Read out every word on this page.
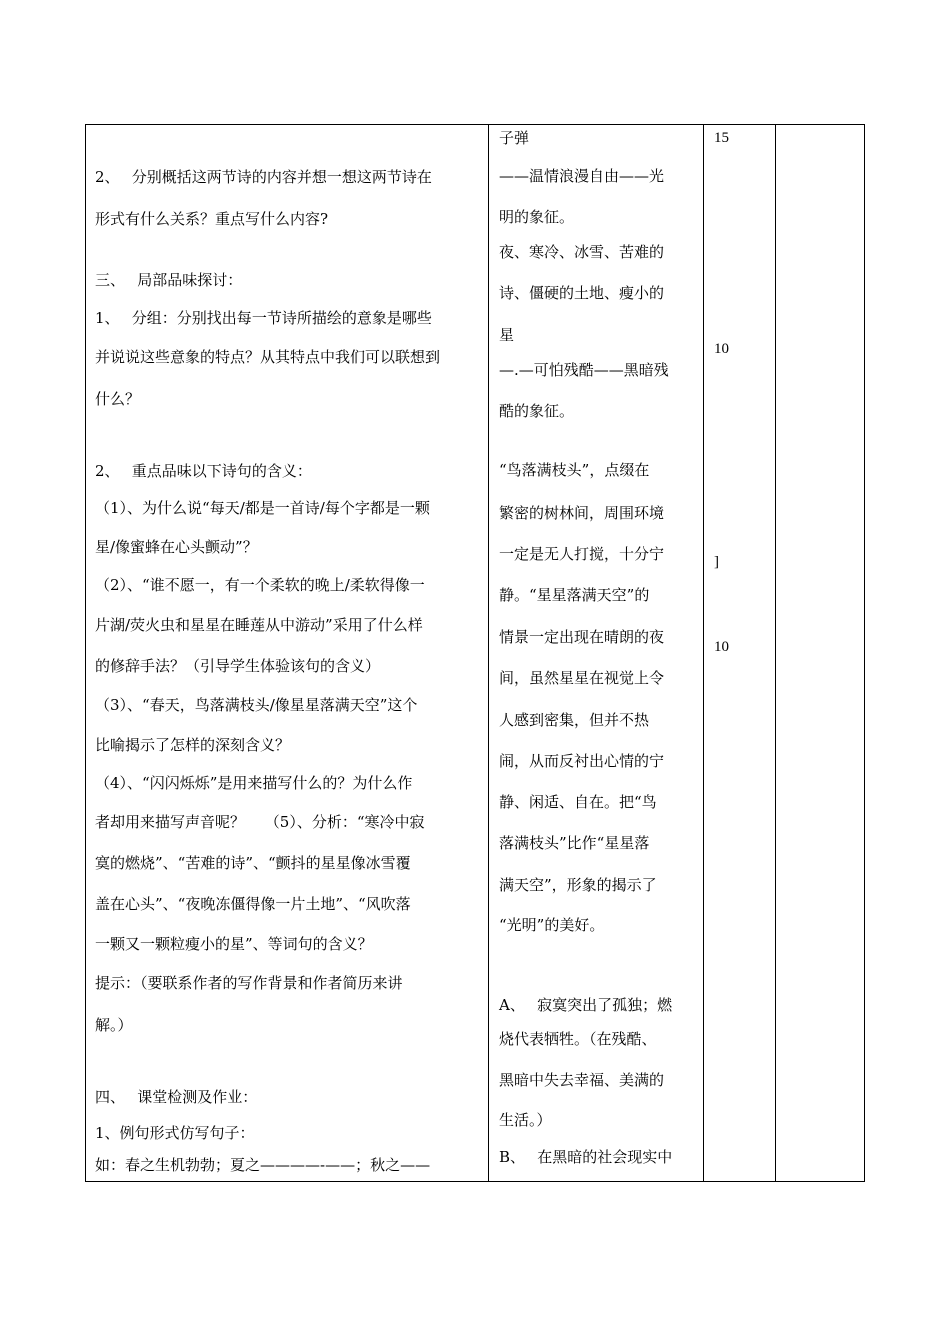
2、　 分别概括这两节诗的内容并想一想这两节诗在
形式有什么关系？重点写什么内容?
三、　 局部品味探讨：
1、　 分组：分别找出每一节诗所描绘的意象是哪些
并说说这些意象的特点？从其特点中我们可以联想到
什么？
2、　 重点品味以下诗句的含义：
（1）、为什么说“每天/都是一首诗/每个字都是一颗
星/像蜜蜂在心头颤动”？
（2）、“谁不愿一，有一个柔软的晚上/柔软得像一
片湖/荧火虫和星星在睡莲从中游动”采用了什么样
的修辞手法？（引导学生体验该句的含义）
（3）、“春天，鸟落满枝头/像星星落满天空”这个
比喻揭示了怎样的深刻含义？
（4）、“闪闪烁烁”是用来描写什么的？为什么作
者却用来描写声音呢？　 （5）、分析：“寒冷中寂
寞的燃烧”、“苦难的诗”、“颤抖的星星像冰雪覆
盖在心头”、“夜晚冻僵得像一片土地”、“风吹落
一颗又一颗粒瘦小的星”、等词句的含义？
提示：（要联系作者的写作背景和作者简历来讲
解。）
四、　 课堂检测及作业：
1、例句形式仿写句子：
如：春之生机勃勃；夏之————-——；秋之——
子弹
——温情浪漫自由——光
明的象征。
夜、寒冷、冰雪、苦难的
诗、僵硬的土地、瘦小的
星
—.—可怕残酷——黑暗残
酷的象征。
“鸟落满枝头”，点缀在
繁密的树林间，周围环境
一定是无人打搅，十分宁
静。“星星落满天空”的
情景一定出现在晴朗的夜
间，虽然星星在视觉上令
人感到密集，但并不热
闹，从而反衬出心情的宁
静、闲适、自在。把“鸟
落满枝头”比作“星星落
满天空”，形象的揭示了
“光明”的美好。
A、　 寂寞突出了孤独；燃
烧代表牺牲。（在残酷、
黑暗中失去幸福、美满的
生活。）
B、　 在黑暗的社会现实中
15
10
]
10
